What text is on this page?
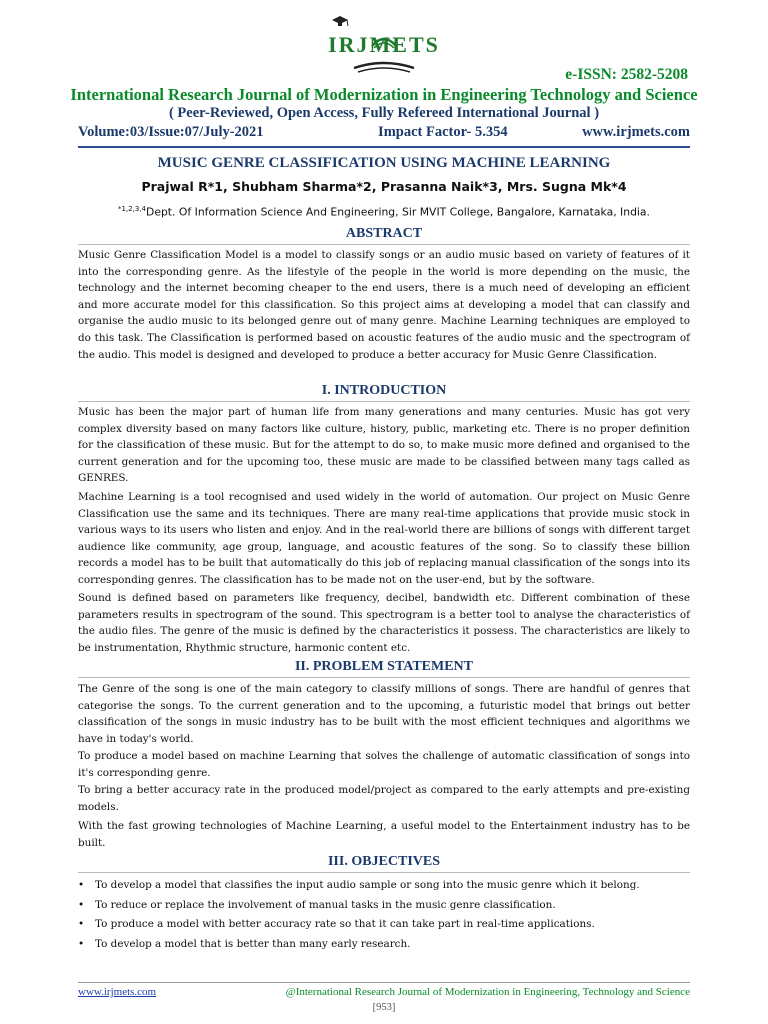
IRJMETS
e-ISSN: 2582-5208
International Research Journal of Modernization in Engineering Technology and Science
( Peer-Reviewed, Open Access, Fully Refereed International Journal )
Volume:03/Issue:07/July-2021	Impact Factor- 5.354	www.irjmets.com
MUSIC GENRE CLASSIFICATION USING MACHINE LEARNING
Prajwal R*1, Shubham Sharma*2, Prasanna Naik*3, Mrs. Sugna Mk*4
$^{*1,2,3,4}$Dept. Of Information Science And Engineering, Sir MVIT College, Bangalore, Karnataka, India.
ABSTRACT
Music Genre Classification Model is a model to classify songs or an audio music based on variety of features of it into the corresponding genre. As the lifestyle of the people in the world is more depending on the music, the technology and the internet becoming cheaper to the end users, there is a much need of developing an efficient and more accurate model for this classification. So this project aims at developing a model that can classify and organise the audio music to its belonged genre out of many genre. Machine Learning techniques are employed to do this task. The Classification is performed based on acoustic features of the audio music and the spectrogram of the audio. This model is designed and developed to produce a better accuracy for Music Genre Classification.
I. INTRODUCTION
Music has been the major part of human life from many generations and many centuries. Music has got very complex diversity based on many factors like culture, history, public, marketing etc. There is no proper definition for the classification of these music. But for the attempt to do so, to make music more defined and organised to the current generation and for the upcoming too, these music are made to be classified between many tags called as GENRES.
Machine Learning is a tool recognised and used widely in the world of automation. Our project on Music Genre Classification use the same and its techniques. There are many real-time applications that provide music stock in various ways to its users who listen and enjoy. And in the real-world there are billions of songs with different target audience like community, age group, language, and acoustic features of the song. So to classify these billion records a model has to be built that automatically do this job of replacing manual classification of the songs into its corresponding genres. The classification has to be made not on the user-end, but by the software.
Sound is defined based on parameters like frequency, decibel, bandwidth etc. Different combination of these parameters results in spectrogram of the sound. This spectrogram is a better tool to analyse the characteristics of the audio files. The genre of the music is defined by the characteristics it possess. The characteristics are likely to be instrumentation, Rhythmic structure, harmonic content etc.
II. PROBLEM STATEMENT
The Genre of the song is one of the main category to classify millions of songs. There are handful of genres that categorise the songs. To the current generation and to the upcoming, a futuristic model that brings out better classification of the songs in music industry has to be built with the most efficient techniques and algorithms we have in today's world.
To produce a model based on machine Learning that solves the challenge of automatic classification of songs into it's corresponding genre.
To bring a better accuracy rate in the produced model/project as compared to the early attempts and pre-existing models.
With the fast growing technologies of Machine Learning, a useful model to the Entertainment industry has to be built.
III. OBJECTIVES
• To develop a model that classifies the input audio sample or song into the music genre which it belong.
• To reduce or replace the involvement of manual tasks in the music genre classification.
• To produce a model with better accuracy rate so that it can take part in real-time applications.
• To develop a model that is better than many early research.
www.irjmets.com	@International Research Journal of Modernization in Engineering, Technology and Science
[953]
